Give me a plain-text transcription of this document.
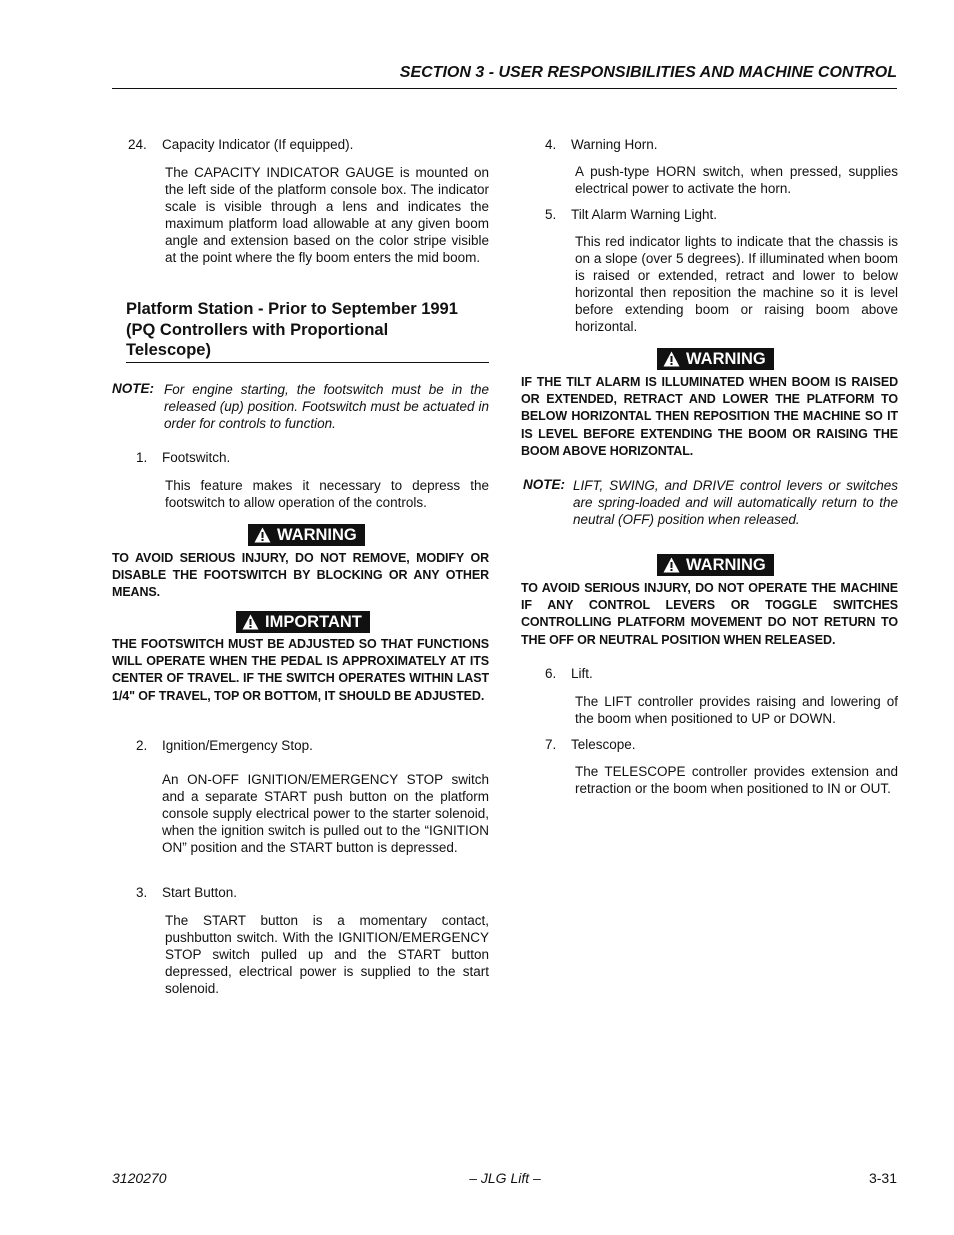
SECTION 3 - USER RESPONSIBILITIES AND MACHINE CONTROL
24. Capacity Indicator (If equipped).
The CAPACITY INDICATOR GAUGE is mounted on the left side of the platform console box. The indicator scale is visible through a lens and indicates the maximum platform load allowable at any given boom angle and extension based on the color stripe visible at the point where the fly boom enters the mid boom.
Platform Station - Prior to September 1991
(PQ Controllers with Proportional
Telescope)
NOTE: For engine starting, the footswitch must be in the released (up) position. Footswitch must be actuated in order for controls to function.
1. Footswitch.
This feature makes it necessary to depress the footswitch to allow operation of the controls.
WARNING
TO AVOID SERIOUS INJURY, DO NOT REMOVE, MODIFY OR DISABLE THE FOOTSWITCH BY BLOCKING OR ANY OTHER MEANS.
IMPORTANT
THE FOOTSWITCH MUST BE ADJUSTED SO THAT FUNCTIONS WILL OPERATE WHEN THE PEDAL IS APPROXIMATELY AT ITS CENTER OF TRAVEL. IF THE SWITCH OPERATES WITHIN LAST 1/4" OF TRAVEL, TOP OR BOTTOM, IT SHOULD BE ADJUSTED.
2. Ignition/Emergency Stop.
An ON-OFF IGNITION/EMERGENCY STOP switch and a separate START push button on the platform console supply electrical power to the starter solenoid, when the ignition switch is pulled out to the “IGNITION ON” position and the START button is depressed.
3. Start Button.
The START button is a momentary contact, pushbutton switch. With the IGNITION/EMERGENCY STOP switch pulled up and the START button depressed, electrical power is supplied to the start solenoid.
4. Warning Horn.
A push-type HORN switch, when pressed, supplies electrical power to activate the horn.
5. Tilt Alarm Warning Light.
This red indicator lights to indicate that the chassis is on a slope (over 5 degrees). If illuminated when boom is raised or extended, retract and lower to below horizontal then reposition the machine so it is level before extending boom or raising boom above horizontal.
WARNING
IF THE TILT ALARM IS ILLUMINATED WHEN BOOM IS RAISED OR EXTENDED, RETRACT AND LOWER THE PLATFORM TO BELOW HORIZONTAL THEN REPOSITION THE MACHINE SO IT IS LEVEL BEFORE EXTENDING THE BOOM OR RAISING THE BOOM ABOVE HORIZONTAL.
NOTE: LIFT, SWING, and DRIVE control levers or switches are spring-loaded and will automatically return to the neutral (OFF) position when released.
WARNING
TO AVOID SERIOUS INJURY, DO NOT OPERATE THE MACHINE IF ANY CONTROL LEVERS OR TOGGLE SWITCHES CONTROLLING PLATFORM MOVEMENT DO NOT RETURN TO THE OFF OR NEUTRAL POSITION WHEN RELEASED.
6. Lift.
The LIFT controller provides raising and lowering of the boom when positioned to UP or DOWN.
7. Telescope.
The TELESCOPE controller provides extension and retraction or the boom when positioned to IN or OUT.
3120270	– JLG Lift –	3-31
